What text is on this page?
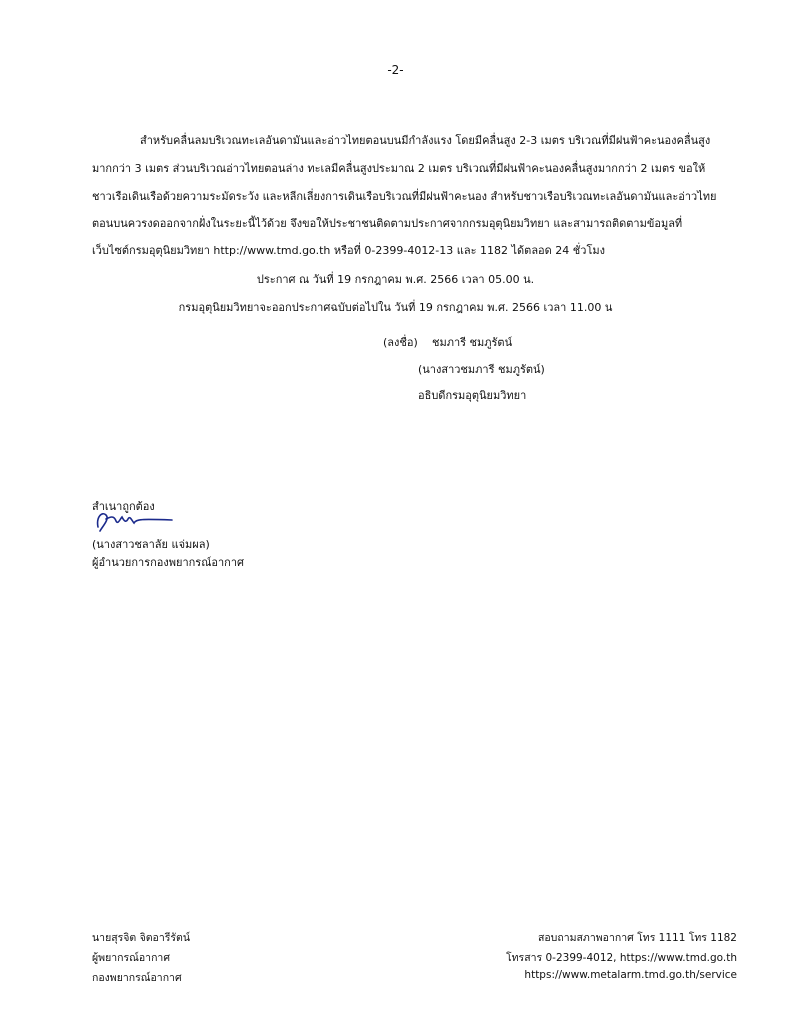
-2-
สำหรับคลื่นลมบริเวณทะเลอันดามันและอ่าวไทยตอนบนมีกำลังแรง โดยมีคลื่นสูง 2-3 เมตร บริเวณที่มีฝนฟ้าคะนองคลื่นสูง
มากกว่า 3 เมตร ส่วนบริเวณอ่าวไทยตอนล่าง ทะเลมีคลื่นสูงประมาณ 2 เมตร บริเวณที่มีฝนฟ้าคะนองคลื่นสูงมากกว่า 2 เมตร ขอให้
ชาวเรือเดินเรือด้วยความระมัดระวัง และหลีกเลี่ยงการเดินเรือบริเวณที่มีฝนฟ้าคะนอง สำหรับชาวเรือบริเวณทะเลอันดามันและอ่าวไทย
ตอนบนควรงดออกจากฝั่งในระยะนี้ไว้ด้วย จึงขอให้ประชาชนติดตามประกาศจากกรมอุตุนิยมวิทยา และสามารถติดตามข้อมูลที่
เว็บไซต์กรมอุตุนิยมวิทยา http://www.tmd.go.th หรือที่ 0-2399-4012-13 และ 1182 ได้ตลอด 24 ชั่วโมง
ประกาศ ณ วันที่ 19 กรกฎาคม พ.ศ. 2566 เวลา 05.00 น.
กรมอุตุนิยมวิทยาจะออกประกาศฉบับต่อไปใน วันที่ 19 กรกฎาคม พ.ศ. 2566 เวลา 11.00 น
(ลงชื่อ) ชมภารี ชมภูรัตน์
(นางสาวชมภารี ชมภูรัตน์)
อธิบดีกรมอุตุนิยมวิทยา
สำเนาถูกต้อง
(นางสาวชลาลัย แจ่มผล)
ผู้อำนวยการกองพยากรณ์อากาศ
นายสุรจิต จิตอารีรัตน์
ผู้พยากรณ์อากาศ
กองพยากรณ์อากาศ
สอบถามสภาพอากาศ โทร 1111 โทร 1182
โทรสาร 0-2399-4012, https://www.tmd.go.th
https://www.metalarm.tmd.go.th/service
